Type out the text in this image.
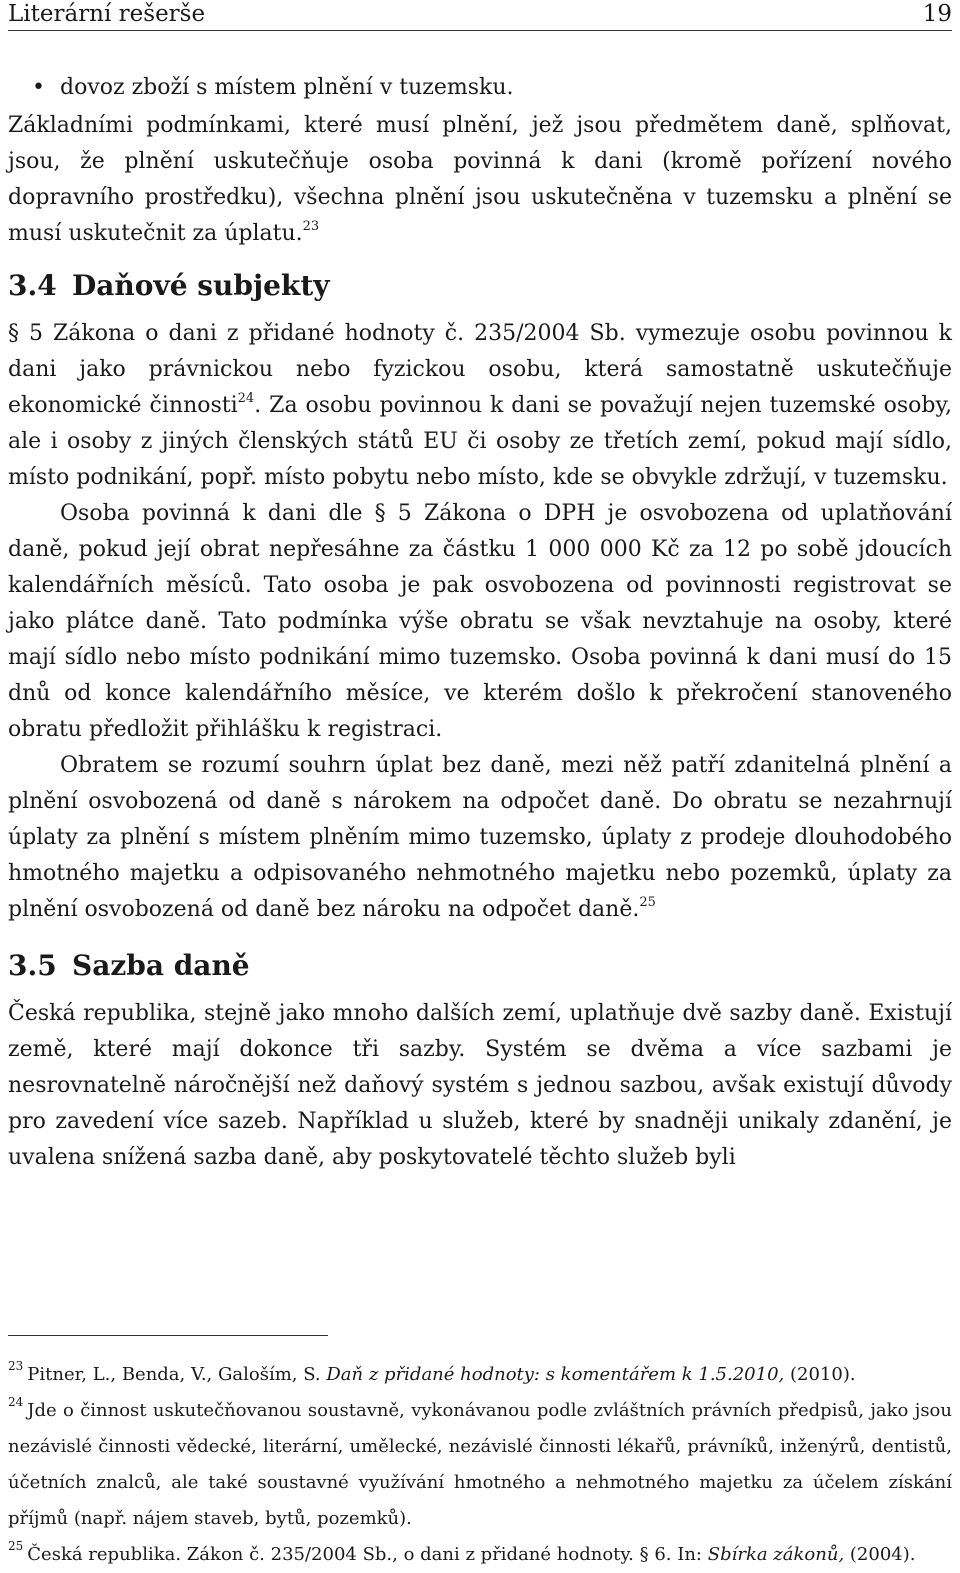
Literární rešerše	19
• dovoz zboží s místem plnění v tuzemsku.

Základními podmínkami, které musí plnění, jež jsou předmětem daně, splňovat, jsou, že plnění uskutečňuje osoba povinná k dani (kromě pořízení nového dopravního prostředku), všechna plnění jsou uskutečněna v tuzemsku a plnění se musí uskutečnit za úplatu.$^{23}$

3.4 Daňové subjekty

§ 5 Zákona o dani z přidané hodnoty č. 235/2004 Sb. vymezuje osobu povinnou k dani jako právnickou nebo fyzickou osobu, která samostatně uskutečňuje ekonomické činnosti$^{24}$. Za osobu povinnou k dani se považují nejen tuzemské osoby, ale i osoby z jiných členských států EU či osoby ze třetích zemí, pokud mají sídlo, místo podnikání, popř. místo pobytu nebo místo, kde se obvykle zdržují, v tuzemsku.

Osoba povinná k dani dle § 5 Zákona o DPH je osvobozena od uplatňování daně, pokud její obrat nepřesáhne za částku 1 000 000 Kč za 12 po sobě jdoucích kalendářních měsíců. Tato osoba je pak osvobozena od povinnosti registrovat se jako plátce daně. Tato podmínka výše obratu se však nevztahuje na osoby, které mají sídlo nebo místo podnikání mimo tuzemsko. Osoba povinná k dani musí do 15 dnů od konce kalendářního měsíce, ve kterém došlo k překročení stanoveného obratu předložit přihlášku k registraci.

Obratem se rozumí souhrn úplat bez daně, mezi něž patří zdanitelná plnění a plnění osvobozená od daně s nárokem na odpočet daně. Do obratu se nezahrnují úplaty za plnění s místem plněním mimo tuzemsko, úplaty z prodeje dlouhodobého hmotného majetku a odpisovaného nehmotného majetku nebo pozemků, úplaty za plnění osvobozená od daně bez nároku na odpočet daně.$^{25}$

3.5 Sazba daně

Česká republika, stejně jako mnoho dalších zemí, uplatňuje dvě sazby daně. Existují země, které mají dokonce tři sazby. Systém se dvěma a více sazbami je nesrovnatelně náročnější než daňový systém s jednou sazbou, avšak existují důvody pro zavedení více sazeb. Například u služeb, které by snadněji unikaly zdanění, je uvalena snížená sazba daně, aby poskytovatelé těchto služeb byli

$^{23}$ Pitner, L., Benda, V., Galoším, S. Daň z přidané hodnoty: s komentářem k 1.5.2010, (2010).

$^{24}$ Jde o činnost uskutečňovanou soustavně, vykonávanou podle zvláštních právních předpisů, jako jsou nezávislé činnosti vědecké, literární, umělecké, nezávislé činnosti lékařů, právníků, inženýrů, dentistů, účetních znalců, ale také soustavné využívání hmotného a nehmotného majetku za účelem získání příjmů (např. nájem staveb, bytů, pozemků).

$^{25}$ Česká republika. Zákon č. 235/2004 Sb., o dani z přidané hodnoty. § 6. In: Sbírka zákonů, (2004).
